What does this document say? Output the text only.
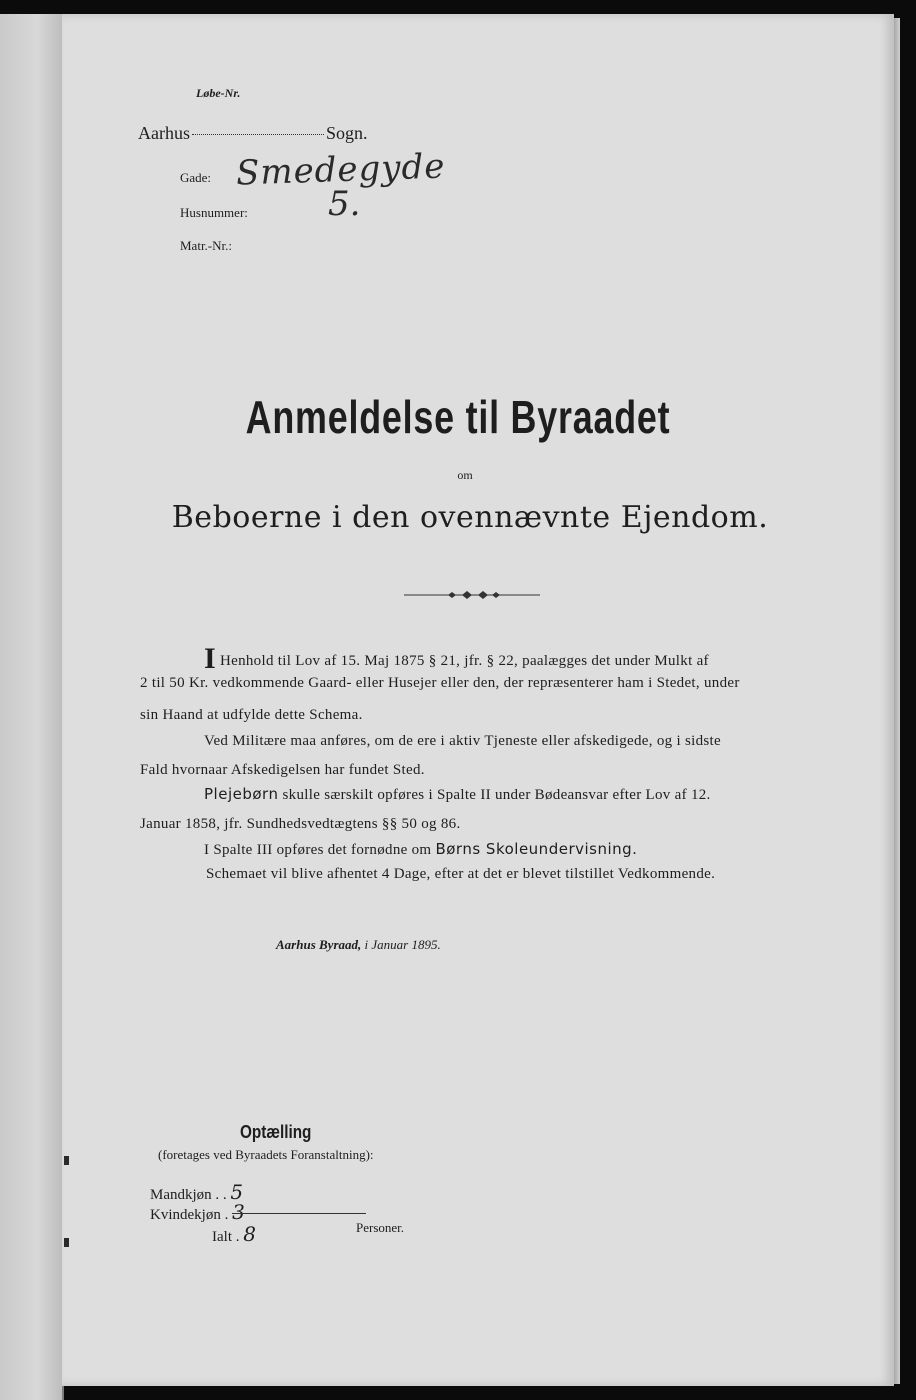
Løbe-Nr.
Aarhus	Sogn.
Gade: Smedegyde
Husnummer: 5.
Matr.-Nr.:
Anmeldelse til Byraadet
om
Beboerne i den ovennævnte Ejendom.
I Henhold til Lov af 15. Maj 1875 § 21, jfr. § 22, paalægges det under Mulkt af
2 til 50 Kr. vedkommende Gaard- eller Husejer eller den, der repræsenterer ham i Stedet, under
sin Haand at udfylde dette Schema.
Ved Militære maa anføres, om de ere i aktiv Tjeneste eller afskedigede, og i sidste
Fald hvornaar Afskedigelsen har fundet Sted.
Plejebørn skulle særskilt opføres i Spalte II under Bødeansvar efter Lov af 12.
Januar 1858, jfr. Sundhedsvedtægtens §§ 50 og 86.
I Spalte III opføres det fornødne om Børns Skoleundervisning.
Schemaet vil blive afhentet 4 Dage, efter at det er blevet tilstillet Vedkommende.
Aarhus Byraad, i Januar 1895.
Optælling
(foretages ved Byraadets Foranstaltning):
Mandkjøn . . 5
Kvindekjøn . 3
Ialt . 8	Personer.
